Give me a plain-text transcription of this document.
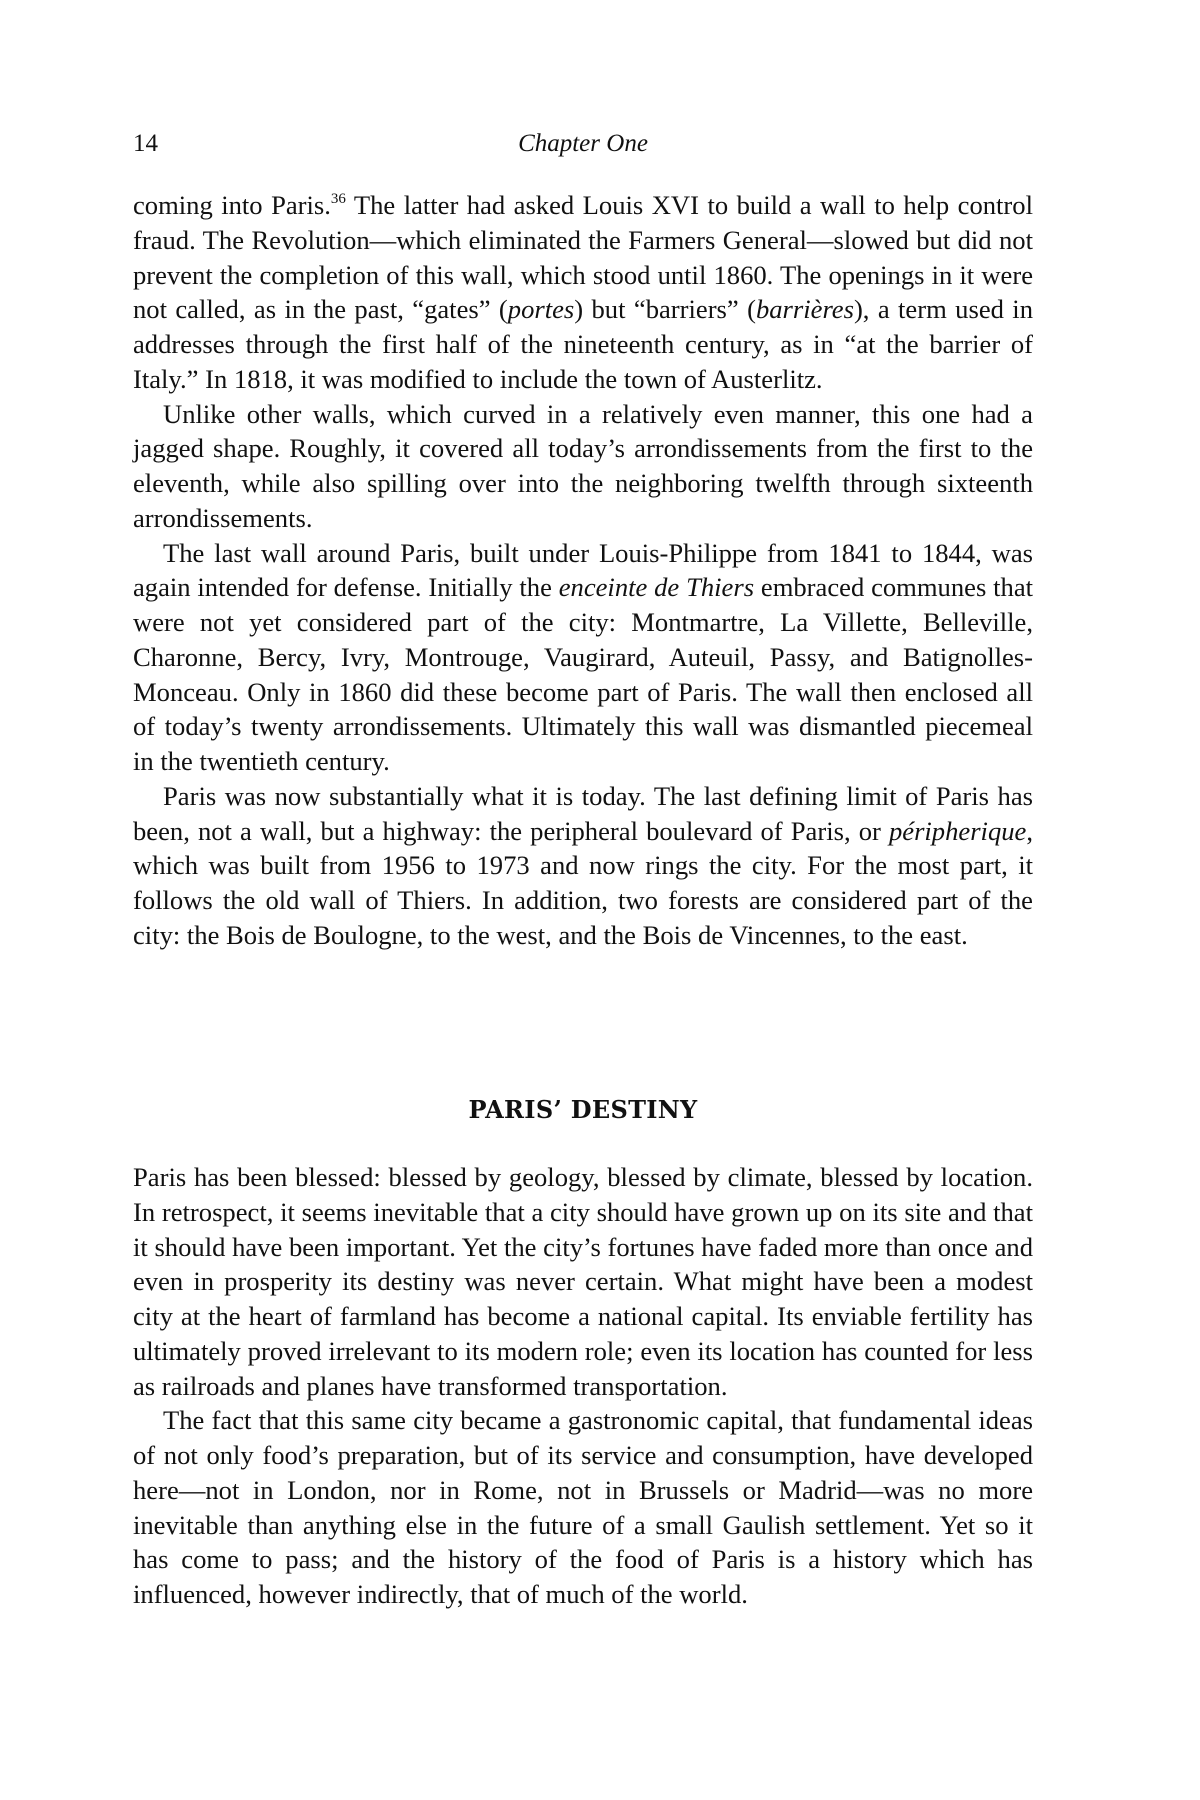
14	Chapter One

coming into Paris.$^{36}$ The latter had asked Louis XVI to build a wall to help control fraud. The Revolution—which eliminated the Farmers General—slowed but did not prevent the completion of this wall, which stood until 1860. The openings in it were not called, as in the past, “gates” (portes) but “barriers” (barrières), a term used in addresses through the first half of the nineteenth century, as in “at the barrier of Italy.” In 1818, it was modified to include the town of Austerlitz.

Unlike other walls, which curved in a relatively even manner, this one had a jagged shape. Roughly, it covered all today’s arrondissements from the first to the eleventh, while also spilling over into the neighboring twelfth through sixteenth arrondissements.

The last wall around Paris, built under Louis-Philippe from 1841 to 1844, was again intended for defense. Initially the enceinte de Thiers embraced communes that were not yet considered part of the city: Montmartre, La Villette, Belleville, Charonne, Bercy, Ivry, Montrouge, Vaugirard, Auteuil, Passy, and Batignolles-Monceau. Only in 1860 did these become part of Paris. The wall then enclosed all of today’s twenty arrondissements. Ultimately this wall was dismantled piecemeal in the twentieth century.

Paris was now substantially what it is today. The last defining limit of Paris has been, not a wall, but a highway: the peripheral boulevard of Paris, or péripherique, which was built from 1956 to 1973 and now rings the city. For the most part, it follows the old wall of Thiers. In addition, two forests are considered part of the city: the Bois de Boulogne, to the west, and the Bois de Vincennes, to the east.

PARIS’ DESTINY

Paris has been blessed: blessed by geology, blessed by climate, blessed by location. In retrospect, it seems inevitable that a city should have grown up on its site and that it should have been important. Yet the city’s fortunes have faded more than once and even in prosperity its destiny was never certain. What might have been a modest city at the heart of farmland has become a national capital. Its enviable fertility has ultimately proved irrelevant to its modern role; even its location has counted for less as railroads and planes have transformed transportation.

The fact that this same city became a gastronomic capital, that fundamental ideas of not only food’s preparation, but of its service and consumption, have developed here—not in London, nor in Rome, not in Brussels or Madrid—was no more inevitable than anything else in the future of a small Gaulish settlement. Yet so it has come to pass; and the history of the food of Paris is a history which has influenced, however indirectly, that of much of the world.
